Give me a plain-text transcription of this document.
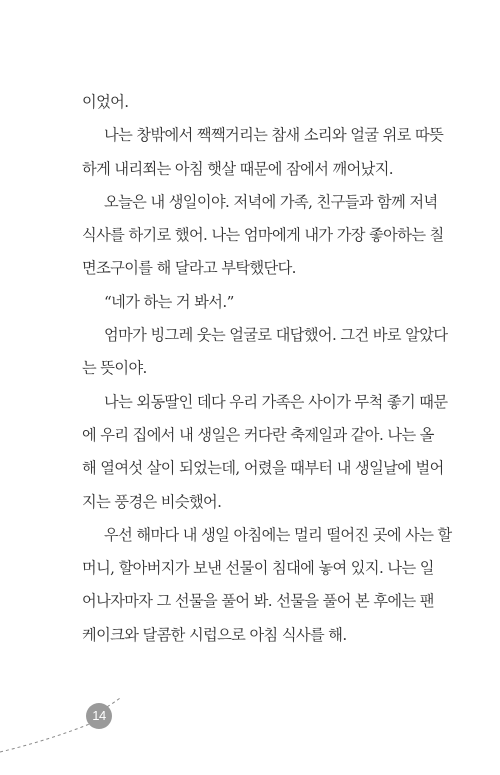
이었어.
나는 창밖에서 짹짹거리는 참새 소리와 얼굴 위로 따뜻
하게 내리쬐는 아침 햇살 때문에 잠에서 깨어났지.
오늘은 내 생일이야. 저녁에 가족, 친구들과 함께 저녁
식사를 하기로 했어. 나는 엄마에게 내가 가장 좋아하는 칠
면조구이를 해 달라고 부탁했단다.
“네가 하는 거 봐서.”
엄마가 빙그레 웃는 얼굴로 대답했어. 그건 바로 알았다
는 뜻이야.
나는 외동딸인 데다 우리 가족은 사이가 무척 좋기 때문
에 우리 집에서 내 생일은 커다란 축제일과 같아. 나는 올
해 열여섯 살이 되었는데, 어렸을 때부터 내 생일날에 벌어
지는 풍경은 비슷했어.
우선 해마다 내 생일 아침에는 멀리 떨어진 곳에 사는 할
머니, 할아버지가 보낸 선물이 침대에 놓여 있지. 나는 일
어나자마자 그 선물을 풀어 봐. 선물을 풀어 본 후에는 팬
케이크와 달콤한 시럽으로 아침 식사를 해.
14
